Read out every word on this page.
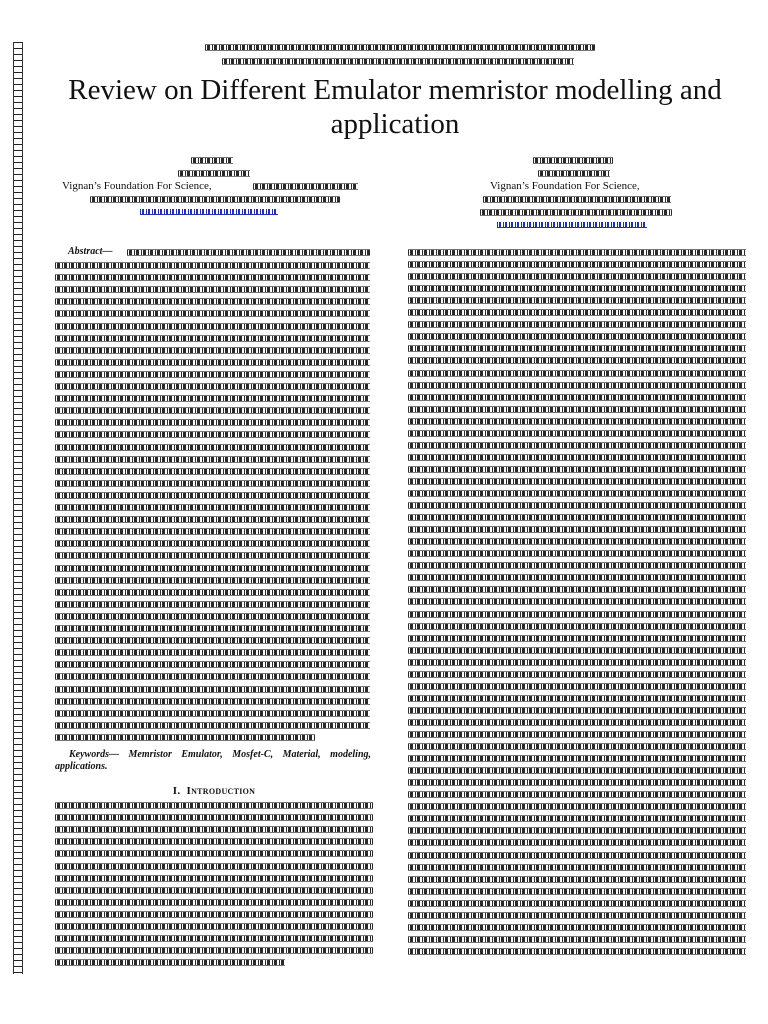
Review on Different Emulator memristor modelling and application
Vignan’s Foundation For Science,	Vignan’s Foundation For Science,
Abstract—
Keywords— Memristor Emulator, Mosfet-C, Material, modeling, applications.
I. Introduction
